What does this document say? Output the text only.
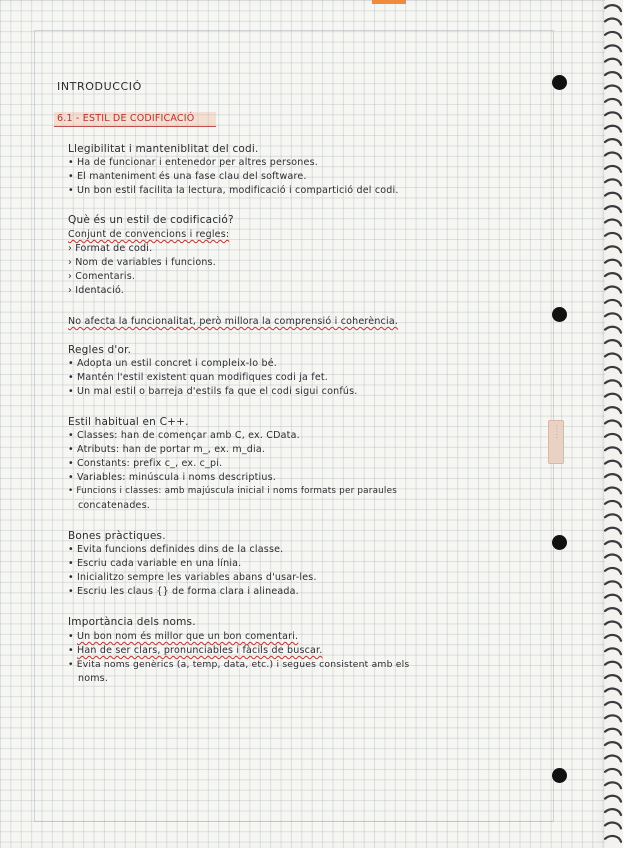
·····
INTRODUCCIÓ
6.1 - ESTIL DE CODIFICACIÓ
Llegibilitat i manteniblitat del codi.
• Ha de funcionar i entenedor per altres persones.
• El manteniment és una fase clau del software.
• Un bon estil facilita la lectura, modificació i compartició del codi.
Què és un estil de codificació?
Conjunt de convencions i regles:
› Format de codi.
› Nom de variables i funcions.
› Comentaris.
› Identació.
No afecta la funcionalitat, però millora la comprensió i coherència.
Regles d'or.
• Adopta un estil concret i compleix-lo bé.
• Mantén l'estil existent quan modifiques codi ja fet.
• Un mal estil o barreja d'estils fa que el codi sigui confús.
Estil habitual en C++.
• Classes: han de començar amb C, ex. CData.
• Atributs: han de portar m_, ex. m_dia.
• Constants: prefix c_, ex. c_pi.
• Variables: minúscula i noms descriptius.
• Funcions i classes: amb majúscula inicial i noms formats per paraules
concatenades.
Bones pràctiques.
• Evita funcions definides dins de la classe.
• Escriu cada variable en una línia.
• Inicialitzo sempre les variables abans d'usar-les.
• Escriu les claus {} de forma clara i alineada.
Importància dels noms.
• Un bon nom és millor que un bon comentari.
• Han de ser clars, pronunciables i fàcils de buscar.
• Evita noms genèrics (a, temp, data, etc.) i segues consistent amb els
noms.
